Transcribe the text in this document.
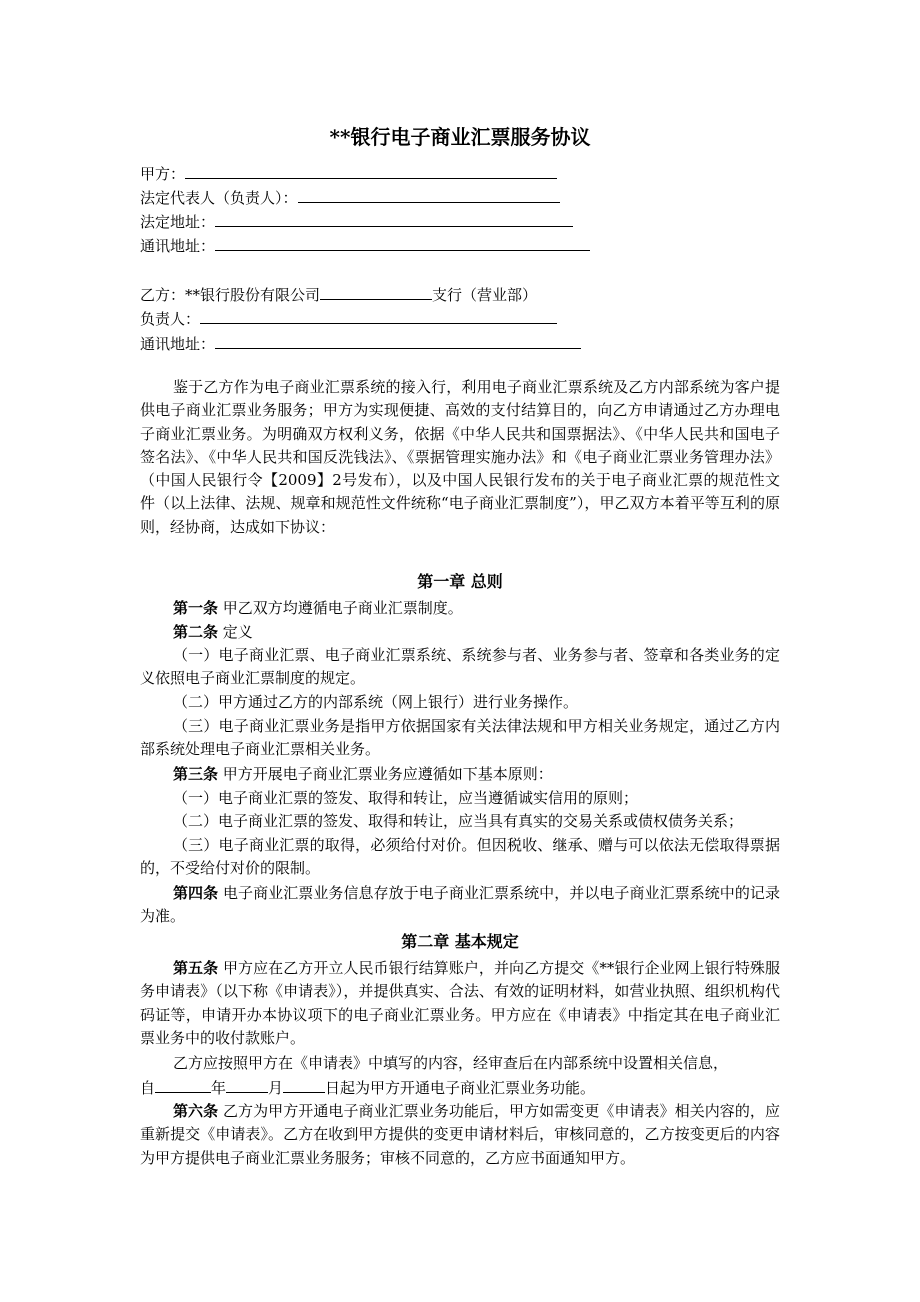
**银行电子商业汇票服务协议
甲方：
法定代表人（负责人）：
法定地址：
通讯地址：
乙方：**银行股份有限公司	支行（营业部）
负责人：
通讯地址：

鉴于乙方作为电子商业汇票系统的接入行，利用电子商业汇票系统及乙方内部系统为客户提供电子商业汇票业务服务；甲方为实现便捷、高效的支付结算目的，向乙方申请通过乙方办理电子商业汇票业务。为明确双方权利义务，依据《中华人民共和国票据法》、《中华人民共和国电子签名法》、《中华人民共和国反洗钱法》、《票据管理实施办法》和《电子商业汇票业务管理办法》（中国人民银行令【2009】2号发布），以及中国人民银行发布的关于电子商业汇票的规范性文件（以上法律、法规、规章和规范性文件统称“电子商业汇票制度”），甲乙双方本着平等互利的原则，经协商，达成如下协议：

第一章 总则

第一条 甲乙双方均遵循电子商业汇票制度。

第二条 定义

（一）电子商业汇票、电子商业汇票系统、系统参与者、业务参与者、签章和各类业务的定义依照电子商业汇票制度的规定。

（二）甲方通过乙方的内部系统（网上银行）进行业务操作。

（三）电子商业汇票业务是指甲方依据国家有关法律法规和甲方相关业务规定，通过乙方内部系统处理电子商业汇票相关业务。

第三条 甲方开展电子商业汇票业务应遵循如下基本原则：

（一）电子商业汇票的签发、取得和转让，应当遵循诚实信用的原则；

（二）电子商业汇票的签发、取得和转让，应当具有真实的交易关系或债权债务关系；

（三）电子商业汇票的取得，必须给付对价。但因税收、继承、赠与可以依法无偿取得票据的，不受给付对价的限制。

第四条 电子商业汇票业务信息存放于电子商业汇票系统中，并以电子商业汇票系统中的记录为准。

第二章 基本规定

第五条 甲方应在乙方开立人民币银行结算账户，并向乙方提交《**银行企业网上银行特殊服务申请表》（以下称《申请表》），并提供真实、合法、有效的证明材料，如营业执照、组织机构代码证等，申请开办本协议项下的电子商业汇票业务。甲方应在《申请表》中指定其在电子商业汇票业务中的收付款账户。

乙方应按照甲方在《申请表》中填写的内容，经审查后在内部系统中设置相关信息，

自	年	月	日起为甲方开通电子商业汇票业务功能。

第六条 乙方为甲方开通电子商业汇票业务功能后，甲方如需变更《申请表》相关内容的，应重新提交《申请表》。乙方在收到甲方提供的变更申请材料后，审核同意的，乙方按变更后的内容为甲方提供电子商业汇票业务服务；审核不同意的，乙方应书面通知甲方。
